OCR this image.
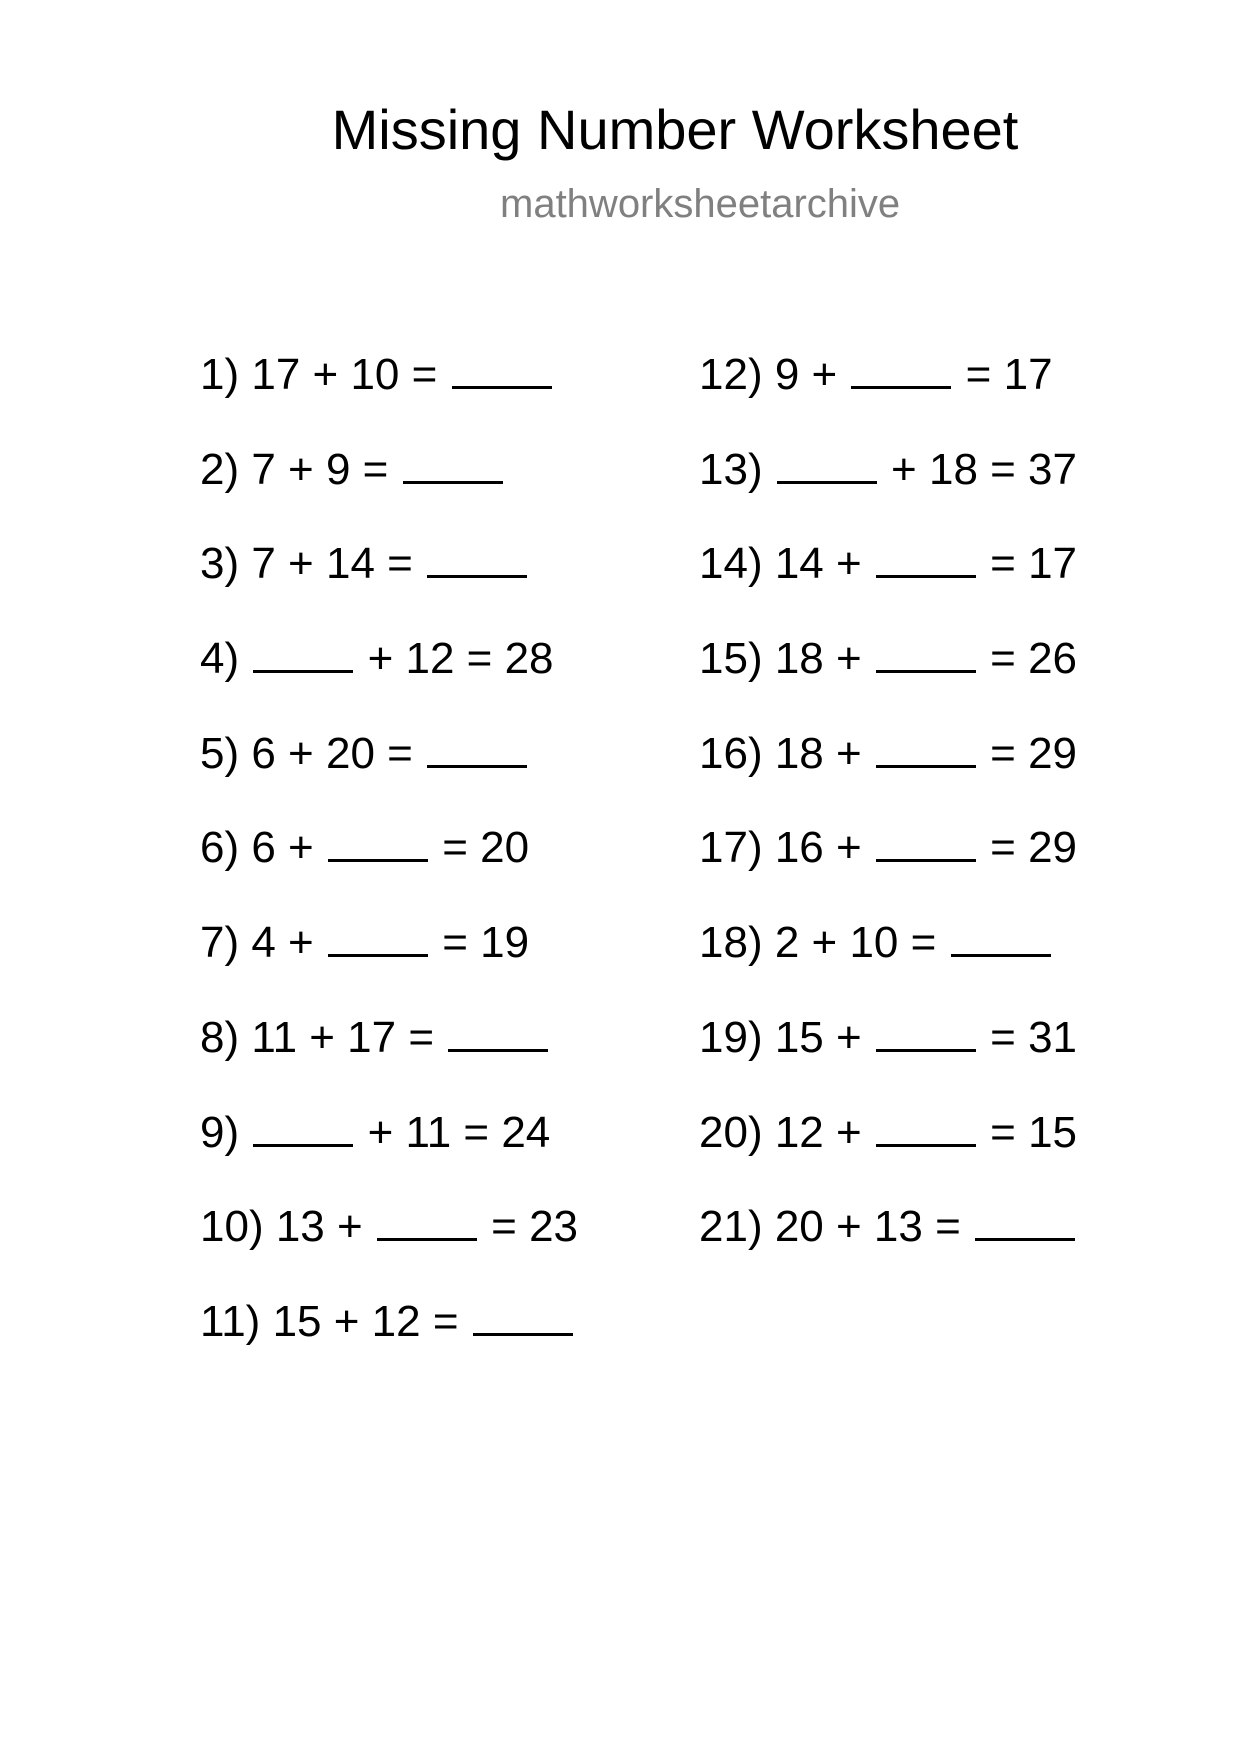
Missing Number Worksheet
mathworksheetarchive
1) 17 + 10 =
2) 7 + 9 =
3) 7 + 14 =
4)	+ 12 = 28
5) 6 + 20 =
6) 6 +  = 20
7) 4 +  = 19
8) 11 + 17 =
9)	+ 11 = 24
10) 13 +  = 23
11) 15 + 12 =
12) 9 +  = 17
13)	+ 18 = 37
14) 14 +  = 17
15) 18 +  = 26
16) 18 +  = 29
17) 16 +  = 29
18) 2 + 10 =
19) 15 +  = 31
20) 12 +  = 15
21) 20 + 13 =
